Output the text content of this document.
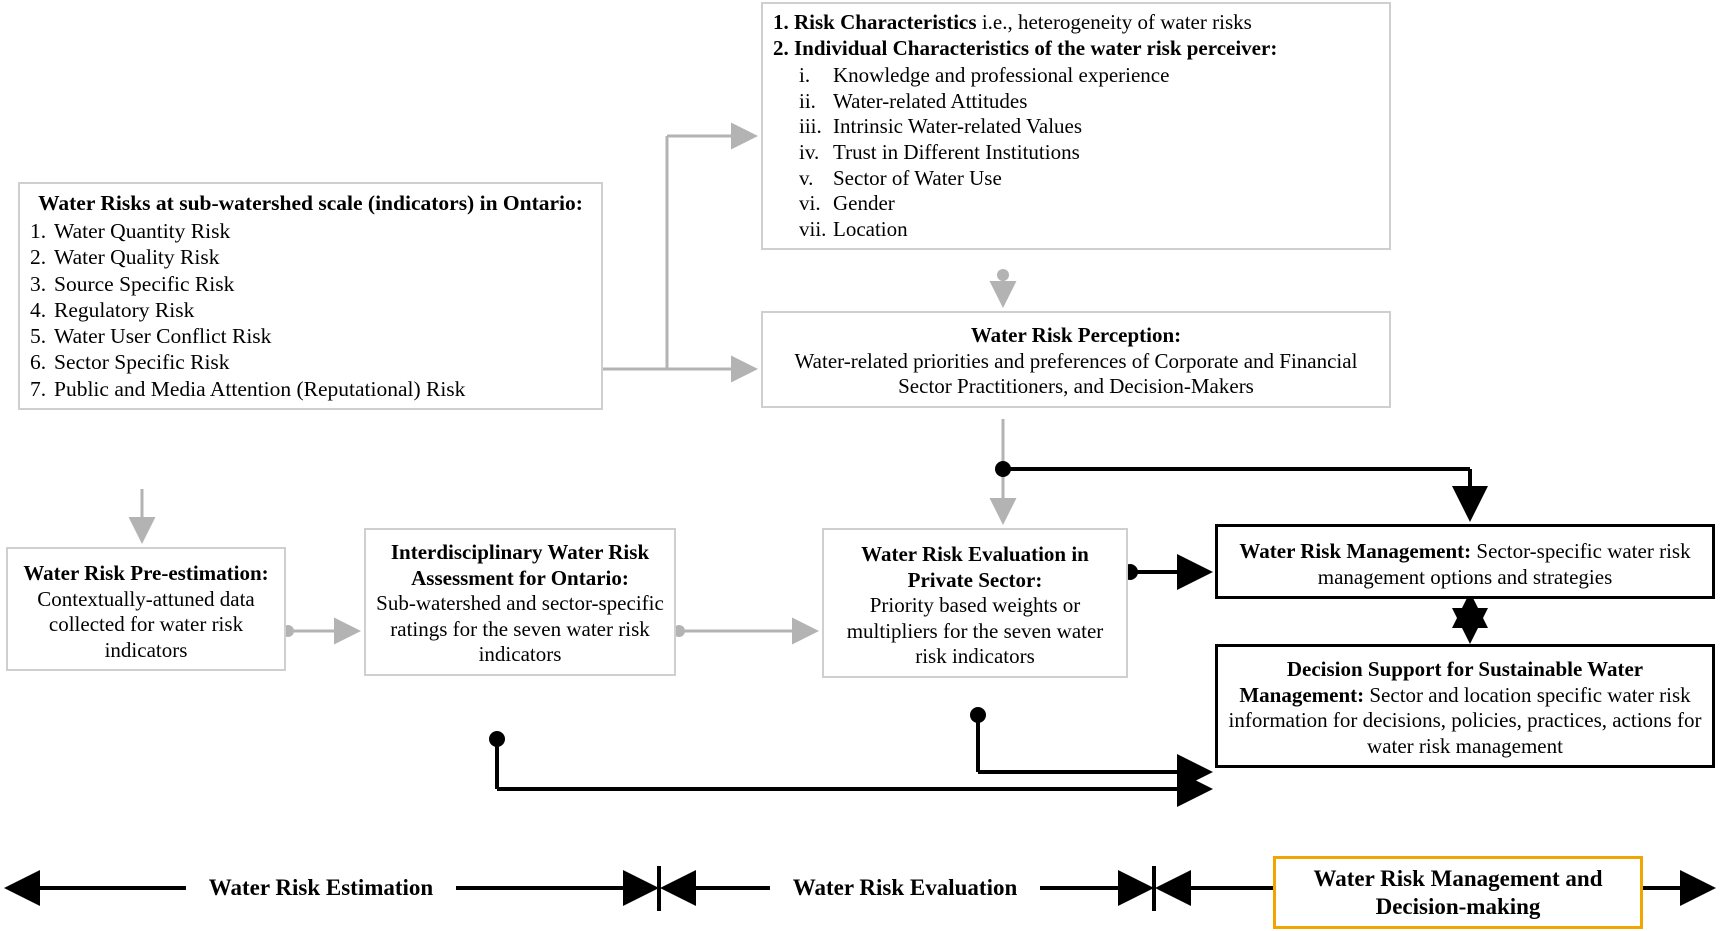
1. Risk Characteristics i.e., heterogeneity of water risks
2. Individual Characteristics of the water risk perceiver:
i.	Knowledge and professional experience
ii. Water-related Attitudes
iii. Intrinsic Water-related Values
iv. Trust in Different Institutions
v. Sector of Water Use
vi. Gender
vii. Location
Water Risks at sub-watershed scale (indicators) in Ontario:
1. Water Quantity Risk
2. Water Quality Risk
3. Source Specific Risk
4. Regulatory Risk
5. Water User Conflict Risk
6. Sector Specific Risk
7. Public and Media Attention (Reputational) Risk
Water Risk Perception:
Water-related priorities and preferences of Corporate and Financial Sector Practitioners, and Decision-Makers
Water Risk Pre-estimation:
Contextually-attuned data collected for water risk indicators
Interdisciplinary Water Risk Assessment for Ontario:
Sub-watershed and sector-specific ratings for the seven water risk indicators
Water Risk Evaluation in Private Sector:
Priority based weights or multipliers for the seven water risk indicators
Water Risk Management: Sector-specific water risk management options and strategies
Decision Support for Sustainable Water Management: Sector and location specific water risk information for decisions, policies, practices, actions for water risk management
Water Risk Estimation	Water Risk Evaluation	Water Risk Management and Decision-making
